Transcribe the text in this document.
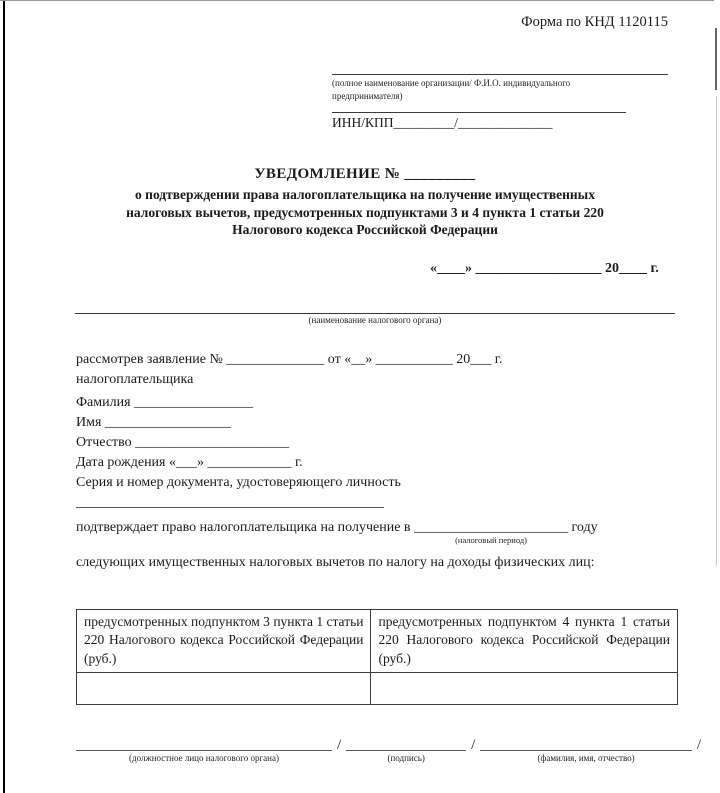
Форма по КНД 1120115
(полное наименование организации/ Ф.И.О. индивидуального предпринимателя)
ИНН/КПП_________/______________
УВЕДОМЛЕНИЕ № _________
о подтверждении права налогоплательщика на получение имущественных
налоговых вычетов, предусмотренных подпунктами 3 и 4 пункта 1 статьи 220
Налогового кодекса Российской Федерации
«____» __________________ 20____ г.
(наименование налогового органа)
рассмотрев заявление № ______________ от «__» ___________ 20___ г.
налогоплательщика
Фамилия _________________
Имя __________________
Отчество ______________________
Дата рождения «___» ____________ г.
Серия и номер документа, удостоверяющего личность
подтверждает право налогоплательщика на получение в ______________________
(налоговый период)
году
следующих имущественных налоговых вычетов по налогу на доходы физических лиц:
предусмотренных подпунктом 3 пункта 1 статьи 220 Налогового кодекса Российской Федерации (руб.)	предусмотренных подпунктом 4 пункта 1 статьи 220 Налогового кодекса Российской Федерации (руб.)

(должностное лицо налогового органа)
/
(подпись)
/
(фамилия, имя, отчество)
/
